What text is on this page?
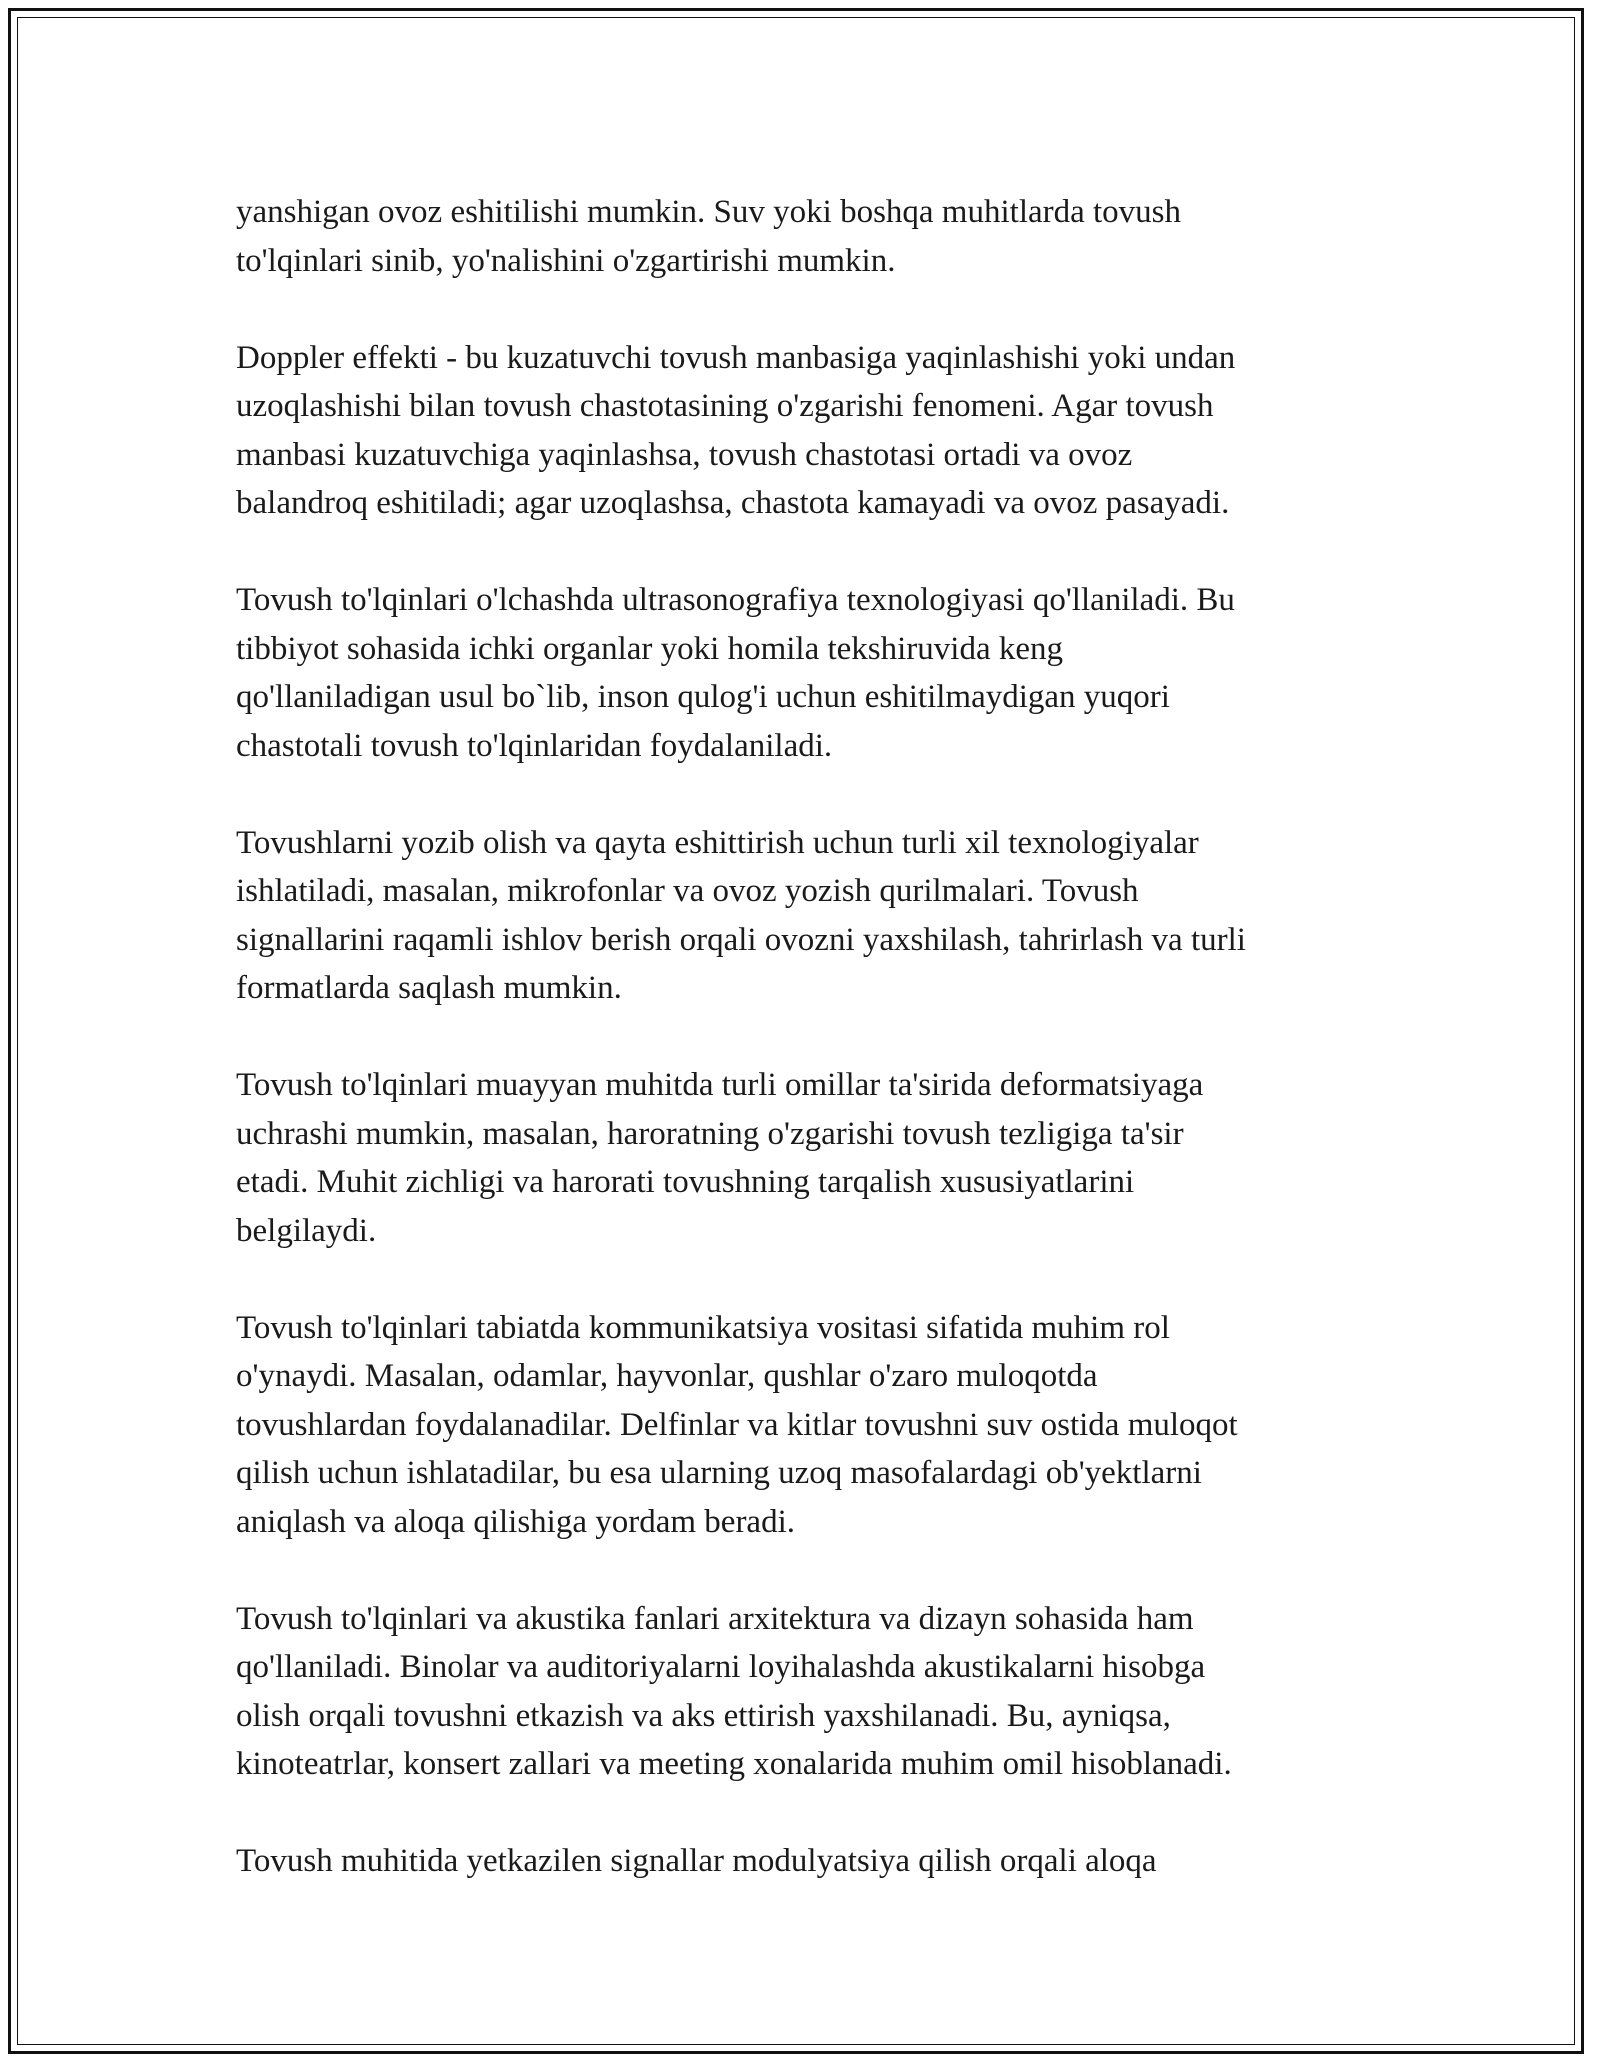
yanshigan ovoz eshitilishi mumkin. Suv yoki boshqa muhitlarda tovush
to'lqinlari sinib, yo'nalishini o'zgartirishi mumkin.

Doppler effekti - bu kuzatuvchi tovush manbasiga yaqinlashishi yoki undan
uzoqlashishi bilan tovush chastotasining o'zgarishi fenomeni. Agar tovush
manbasi kuzatuvchiga yaqinlashsa, tovush chastotasi ortadi va ovoz
balandroq eshitiladi; agar uzoqlashsa, chastota kamayadi va ovoz pasayadi.

Tovush to'lqinlari o'lchashda ultrasonografiya texnologiyasi qo'llaniladi. Bu
tibbiyot sohasida ichki organlar yoki homila tekshiruvida keng
qo'llaniladigan usul bo`lib, inson qulog'i uchun eshitilmaydigan yuqori
chastotali tovush to'lqinlaridan foydalaniladi.

Tovushlarni yozib olish va qayta eshittirish uchun turli xil texnologiyalar
ishlatiladi, masalan, mikrofonlar va ovoz yozish qurilmalari. Tovush
signallarini raqamli ishlov berish orqali ovozni yaxshilash, tahrirlash va turli
formatlarda saqlash mumkin.

Tovush to'lqinlari muayyan muhitda turli omillar ta'sirida deformatsiyaga
uchrashi mumkin, masalan, haroratning o'zgarishi tovush tezligiga ta'sir
etadi. Muhit zichligi va harorati tovushning tarqalish xususiyatlarini
belgilaydi.

Tovush to'lqinlari tabiatda kommunikatsiya vositasi sifatida muhim rol
o'ynaydi. Masalan, odamlar, hayvonlar, qushlar o'zaro muloqotda
tovushlardan foydalanadilar. Delfinlar va kitlar tovushni suv ostida muloqot
qilish uchun ishlatadilar, bu esa ularning uzoq masofalardagi ob'yektlarni
aniqlash va aloqa qilishiga yordam beradi.

Tovush to'lqinlari va akustika fanlari arxitektura va dizayn sohasida ham
qo'llaniladi. Binolar va auditoriyalarni loyihalashda akustikalarni hisobga
olish orqali tovushni etkazish va aks ettirish yaxshilanadi. Bu, ayniqsa,
kinoteatrlar, konsert zallari va meeting xonalarida muhim omil hisoblanadi.

Tovush muhitida yetkazilen signallar modulyatsiya qilish orqali aloqa
